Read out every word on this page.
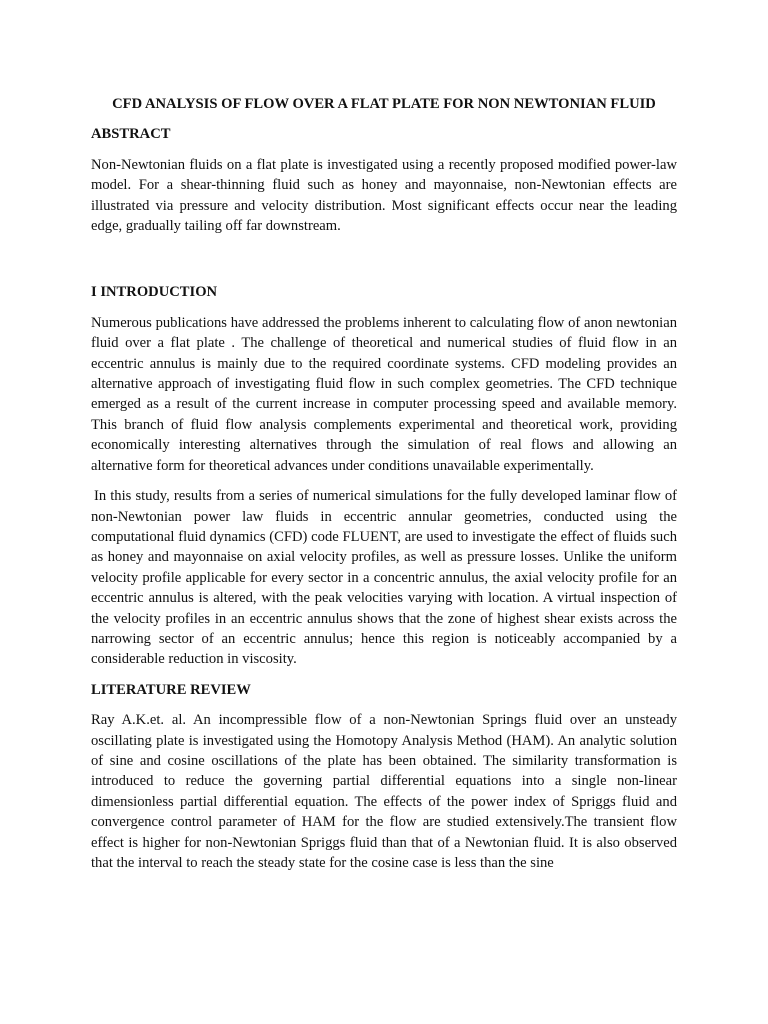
CFD ANALYSIS OF FLOW OVER A FLAT PLATE FOR NON NEWTONIAN FLUID
ABSTRACT
Non-Newtonian fluids on a flat plate is investigated using a recently proposed modified power-law model. For a shear-thinning fluid such as honey and mayonnaise, non-Newtonian effects are illustrated via pressure and velocity distribution. Most significant effects occur near the leading edge, gradually tailing off far downstream.
I INTRODUCTION
Numerous publications have addressed the problems inherent to calculating flow of anon newtonian fluid over a flat plate . The challenge of theoretical and numerical studies of fluid flow in an eccentric annulus is mainly due to the required coordinate systems. CFD modeling provides an alternative approach of investigating fluid flow in such complex geometries. The CFD technique emerged as a result of the current increase in computer processing speed and available memory. This branch of fluid flow analysis complements experimental and theoretical work, providing economically interesting alternatives through the simulation of real flows and allowing an alternative form for theoretical advances under conditions unavailable experimentally.
In this study, results from a series of numerical simulations for the fully developed laminar flow of non-Newtonian power law fluids in eccentric annular geometries, conducted using the computational fluid dynamics (CFD) code FLUENT, are used to investigate the effect of fluids such as honey and mayonnaise on axial velocity profiles, as well as pressure losses. Unlike the uniform velocity profile applicable for every sector in a concentric annulus, the axial velocity profile for an eccentric annulus is altered, with the peak velocities varying with location. A virtual inspection of the velocity profiles in an eccentric annulus shows that the zone of highest shear exists across the narrowing sector of an eccentric annulus; hence this region is noticeably accompanied by a considerable reduction in viscosity.
LITERATURE REVIEW
Ray A.K.et. al. An incompressible flow of a non-Newtonian Springs fluid over an unsteady oscillating plate is investigated using the Homotopy Analysis Method (HAM). An analytic solution of sine and cosine oscillations of the plate has been obtained. The similarity transformation is introduced to reduce the governing partial differential equations into a single non-linear dimensionless partial differential equation. The effects of the power index of Spriggs fluid and convergence control parameter of HAM for the flow are studied extensively.The transient flow effect is higher for non-Newtonian Spriggs fluid than that of a Newtonian fluid. It is also observed that the interval to reach the steady state for the cosine case is less than the sine
